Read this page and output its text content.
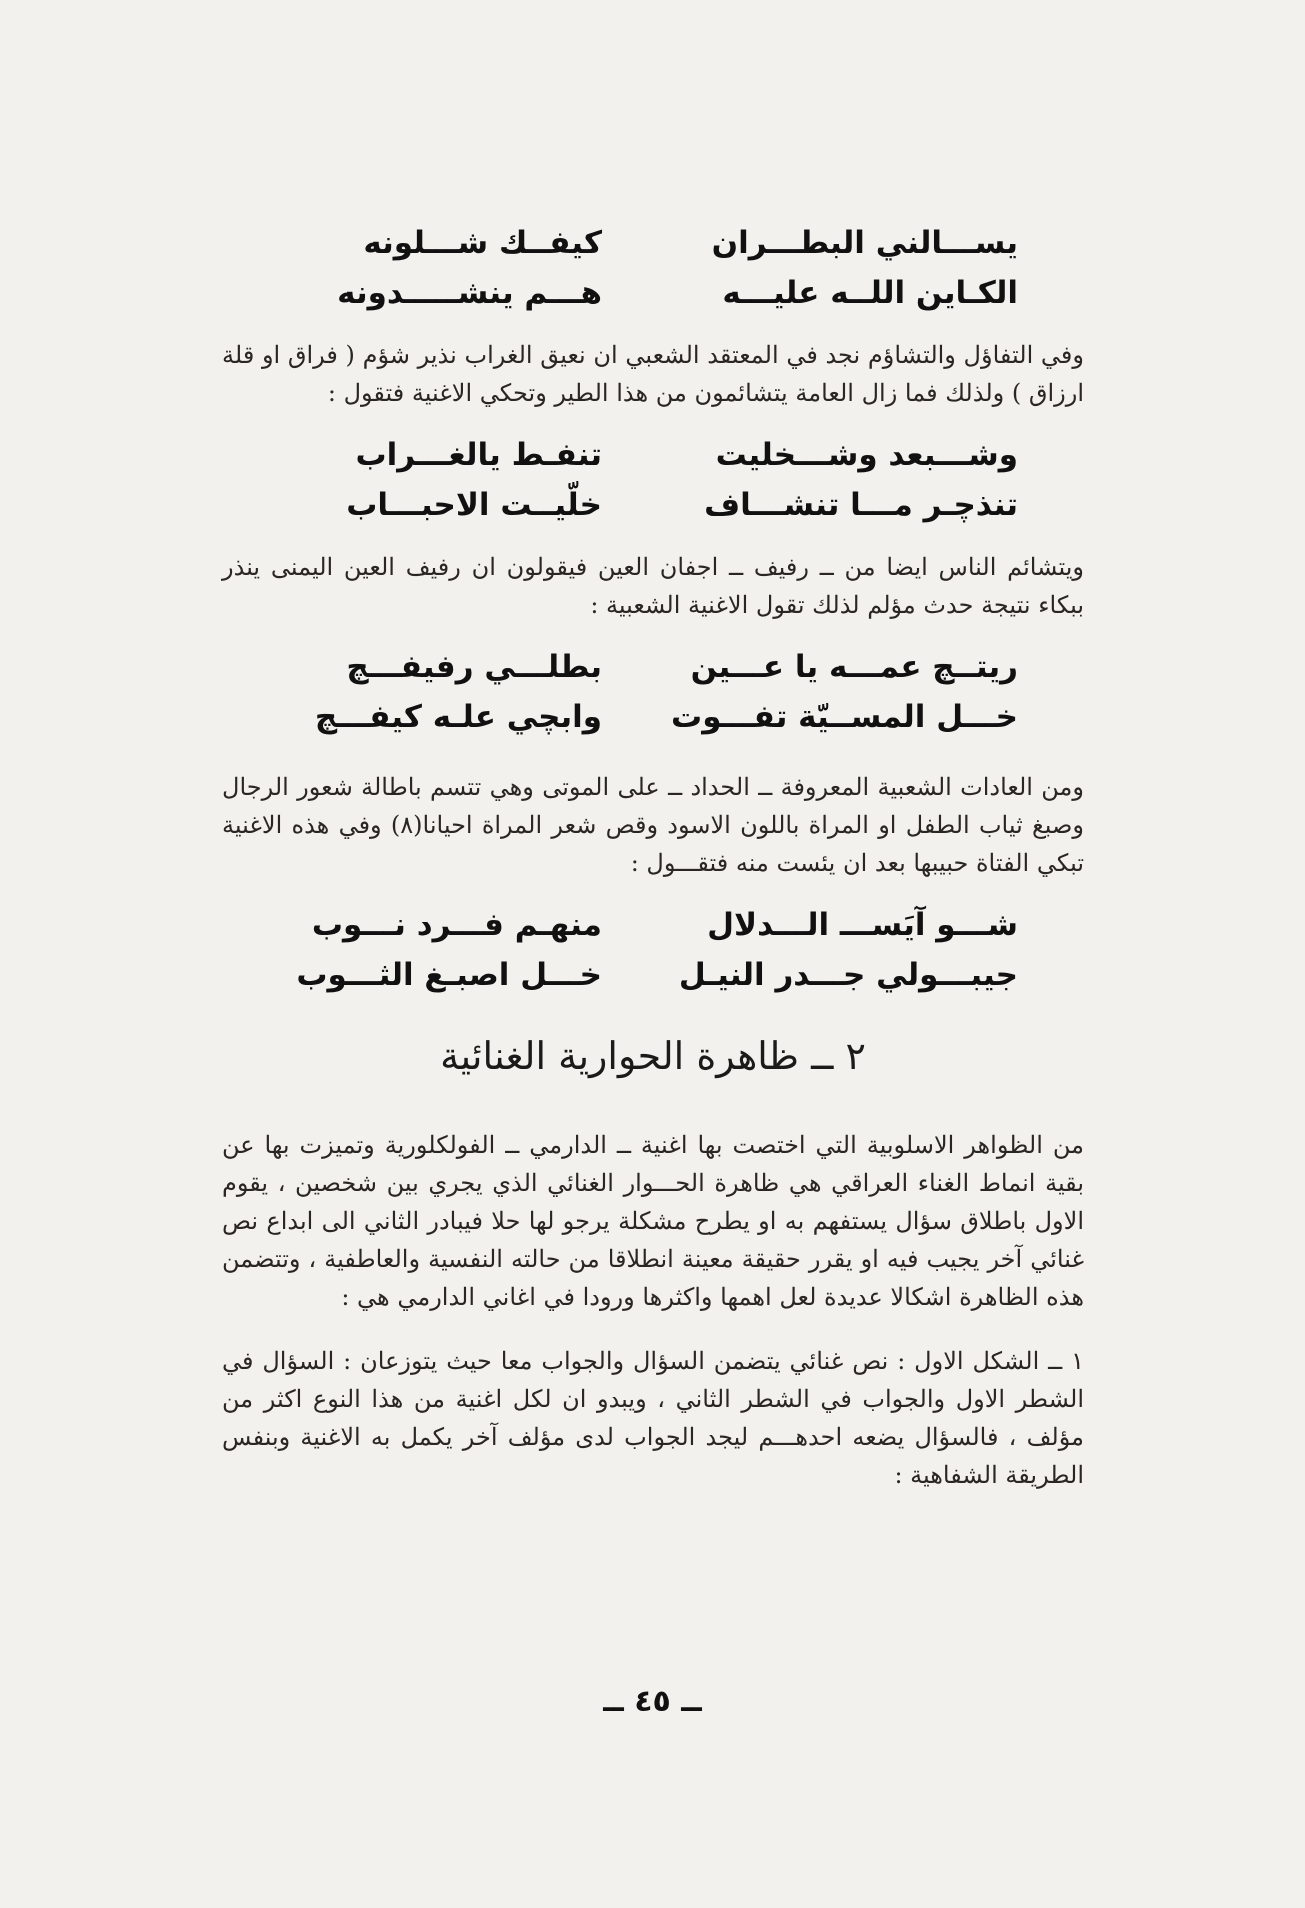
يســـالني البطـــران
كيفــك شـــلونه
الكـاين اللــه عليـــه
هـــم ينشـــــدونه

وفي التفاؤل والتشاؤم نجد في المعتقد الشعبي ان نعيق الغراب نذير شؤم ( فراق او قلة ارزاق ) ولذلك فما زال العامة يتشائمون من هذا الطير وتحكي الاغنية فتقول :

وشـــبعد وشـــخليت
تنفـط يالغـــراب
تنذچـر مـــا تنشـــاف
خلّيــت الاحبـــاب

ويتشائم الناس ايضا من ــ رفيف ــ اجفان العين فيقولون ان رفيف العين اليمنى ينذر ببكاء نتيجة حدث مؤلم لذلك تقول الاغنية الشعبية :

ريتــچ عمـــه يا عـــين
بطلـــي رفيفـــچ
خـــل المســيّة تفـــوت
وابچي علـه كيفـــچ

ومن العادات الشعبية المعروفة ــ الحداد ــ على الموتى وهي تتسم باطالة شعور الرجال وصبغ ثياب الطفل او المراة باللون الاسود وقص شعر المراة احيانا(٨) وفي هذه الاغنية تبكي الفتاة حبيبها بعد ان يئست منه فتقـــول :

شـــو آيَســـ الـــدلال
منهـم فـــرد نـــوب
جيبـــولي جـــدر النيـل
خـــل اصبـغ الثـــوب
٢ ــ ظاهرة الحوارية الغنائية

من الظواهر الاسلوبية التي اختصت بها اغنية ــ الدارمي ــ الفولكلورية وتميزت بها عن بقية انماط الغناء العراقي هي ظاهرة الحـــوار الغنائي الذي يجري بين شخصين ، يقوم الاول باطلاق سؤال يستفهم به او يطرح مشكلة يرجو لها حلا فيبادر الثاني الى ابداع نص غنائي آخر يجيب فيه او يقرر حقيقة معينة انطلاقا من حالته النفسية والعاطفية ، وتتضمن هذه الظاهرة اشكالا عديدة لعل اهمها واكثرها ورودا في اغاني الدارمي هي :

١ ــ الشكل الاول : نص غنائي يتضمن السؤال والجواب معا حيث يتوزعان : السؤال في الشطر الاول والجواب في الشطر الثاني ، ويبدو ان لكل اغنية من هذا النوع اكثر من مؤلف ، فالسؤال يضعه احدهـــم ليجد الجواب لدى مؤلف آخر يكمل به الاغنية وبنفس الطريقة الشفاهية :

ــ ٤٥ ــ
